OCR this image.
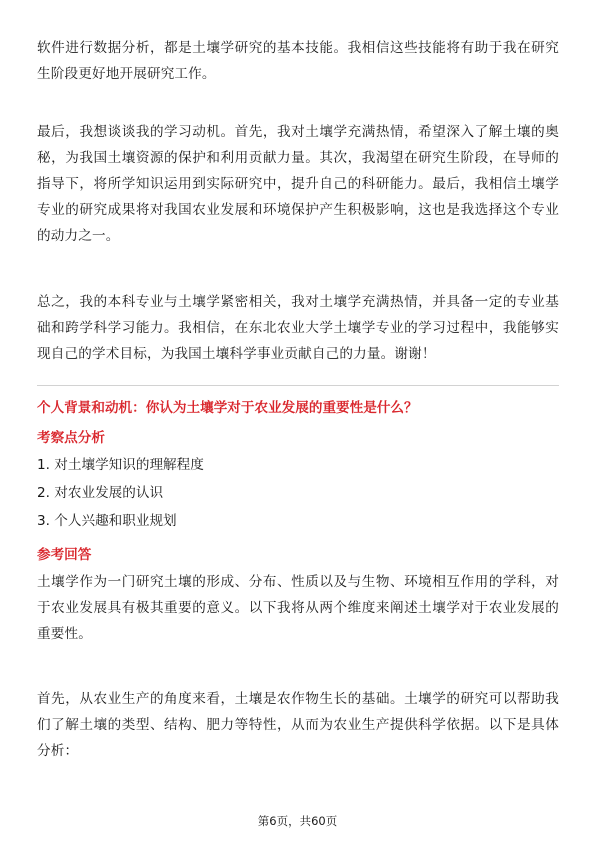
软件进行数据分析，都是土壤学研究的基本技能。我相信这些技能将有助于我在研究生阶段更好地开展研究工作。

最后，我想谈谈我的学习动机。首先，我对土壤学充满热情，希望深入了解土壤的奥秘，为我国土壤资源的保护和利用贡献力量。其次，我渴望在研究生阶段，在导师的指导下，将所学知识运用到实际研究中，提升自己的科研能力。最后，我相信土壤学专业的研究成果将对我国农业发展和环境保护产生积极影响，这也是我选择这个专业的动力之一。

总之，我的本科专业与土壤学紧密相关，我对土壤学充满热情，并具备一定的专业基础和跨学科学习能力。我相信，在东北农业大学土壤学专业的学习过程中，我能够实现自己的学术目标，为我国土壤科学事业贡献自己的力量。谢谢！

个人背景和动机：你认为土壤学对于农业发展的重要性是什么？

考察点分析

1. 对土壤学知识的理解程度

2. 对农业发展的认识

3. 个人兴趣和职业规划

参考回答

土壤学作为一门研究土壤的形成、分布、性质以及与生物、环境相互作用的学科，对于农业发展具有极其重要的意义。以下我将从两个维度来阐述土壤学对于农业发展的重要性。

首先，从农业生产的角度来看，土壤是农作物生长的基础。土壤学的研究可以帮助我们了解土壤的类型、结构、肥力等特性，从而为农业生产提供科学依据。以下是具体分析：

第6页，共60页
